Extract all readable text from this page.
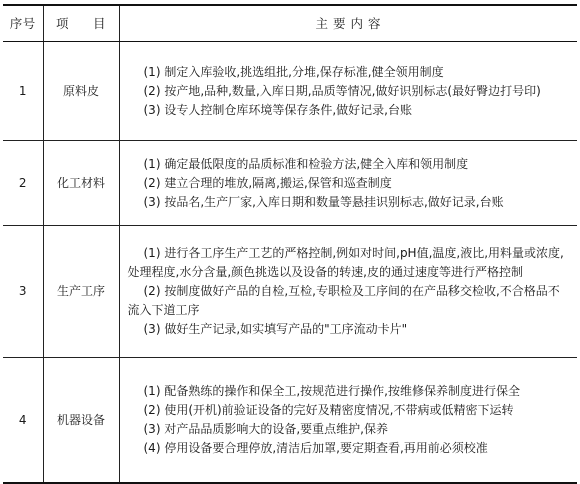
序号	项 目	主 要 内 容
1	原料皮	(1) 制定入库验收,挑选组批,分堆,保存标准,健全领用制度
(2) 按产地,品种,数量,入库日期,品质等情况,做好识别标志(最好臀边打号印)
(3) 设专人控制仓库环境等保存条件,做好记录,台账

2	化工材料	(1) 确定最低限度的品质标准和检验方法,健全入库和领用制度
(2) 建立合理的堆放,隔离,搬运,保管和巡查制度
(3) 按品名,生产厂家,入库日期和数量等悬挂识别标志,做好记录,台账

3	生产工序	(1) 进行各工序生产工艺的严格控制,例如对时间,pH值,温度,液比,用料量或浓度,处理程度,水分含量,颜色挑选以及设备的转速,皮的通过速度等进行严格控制
(2) 按制度做好产品的自检,互检,专职检及工序间的在产品移交检收,不合格品不流入下道工序
(3) 做好生产记录,如实填写产品的"工序流动卡片"

4	机器设备	(1) 配备熟练的操作和保全工,按规范进行操作,按维修保养制度进行保全
(2) 使用(开机)前验证设备的完好及精密度情况,不带病或低精密下运转
(3) 对产品品质影响大的设备,要重点维护,保养
(4) 停用设备要合理停放,清洁后加罩,要定期查看,再用前必须校准
